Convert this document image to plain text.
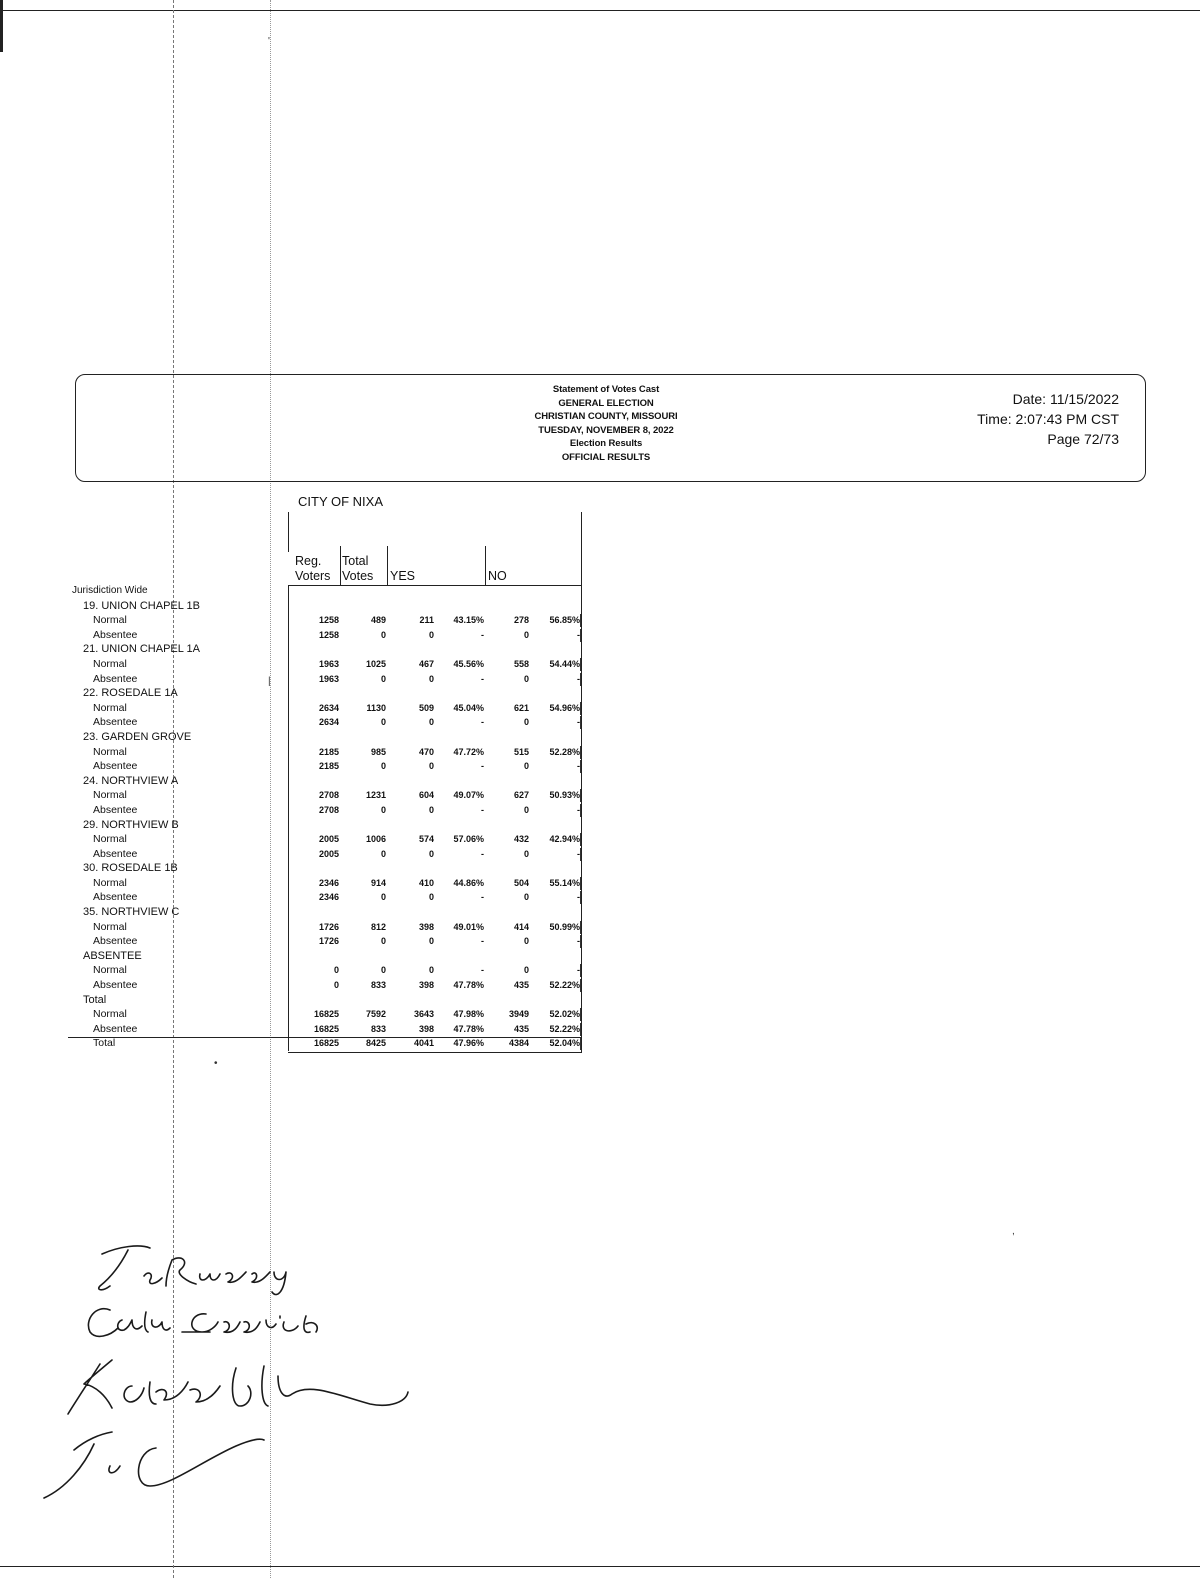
'
•
,
|
Statement of Votes Cast
GENERAL ELECTION
CHRISTIAN COUNTY, MISSOURI
TUESDAY, NOVEMBER 8, 2022
Election Results
OFFICIAL RESULTS
Date: 11/15/2022
Time: 2:07:43 PM CST
Page 72/73
CITY OF NIXA
Reg.
Voters
Total
Votes YES	NO
Jurisdiction Wide
19. UNION CHAPEL 1B
Normal	1258	489	211 43.15%	278 56.85%
Absentee	1258	0	0	-	0	-
21. UNION CHAPEL 1A
Normal	1963	1025	467 45.56%	558 54.44%
Absentee	1963	0	0	-	0	-
22. ROSEDALE 1A
Normal	2634	1130	509 45.04%	621 54.96%
Absentee	2634	0	0	-	0	-
23. GARDEN GROVE
Normal	2185	985	470 47.72%	515 52.28%
Absentee	2185	0	0	-	0	-
24. NORTHVIEW A
Normal	2708	1231	604 49.07%	627 50.93%
Absentee	2708	0	0	-	0	-
29. NORTHVIEW B
Normal	2005	1006	574 57.06%	432 42.94%
Absentee	2005	0	0	-	0	-
30. ROSEDALE 1B
Normal	2346	914	410 44.86%	504 55.14%
Absentee	2346	0	0	-	0	-
35. NORTHVIEW C
Normal	1726	812	398 49.01%	414 50.99%
Absentee	1726	0	0	-	0	-
ABSENTEE
Normal	0	0	0	-	0	-
Absentee	0	833	398 47.78%	435 52.22%
Total
Normal	16825	7592	3643 47.98%	3949 52.02%
Absentee	16825	833	398 47.78%	435 52.22%
Total	16825	8425	4041 47.96%	4384 52.04%
